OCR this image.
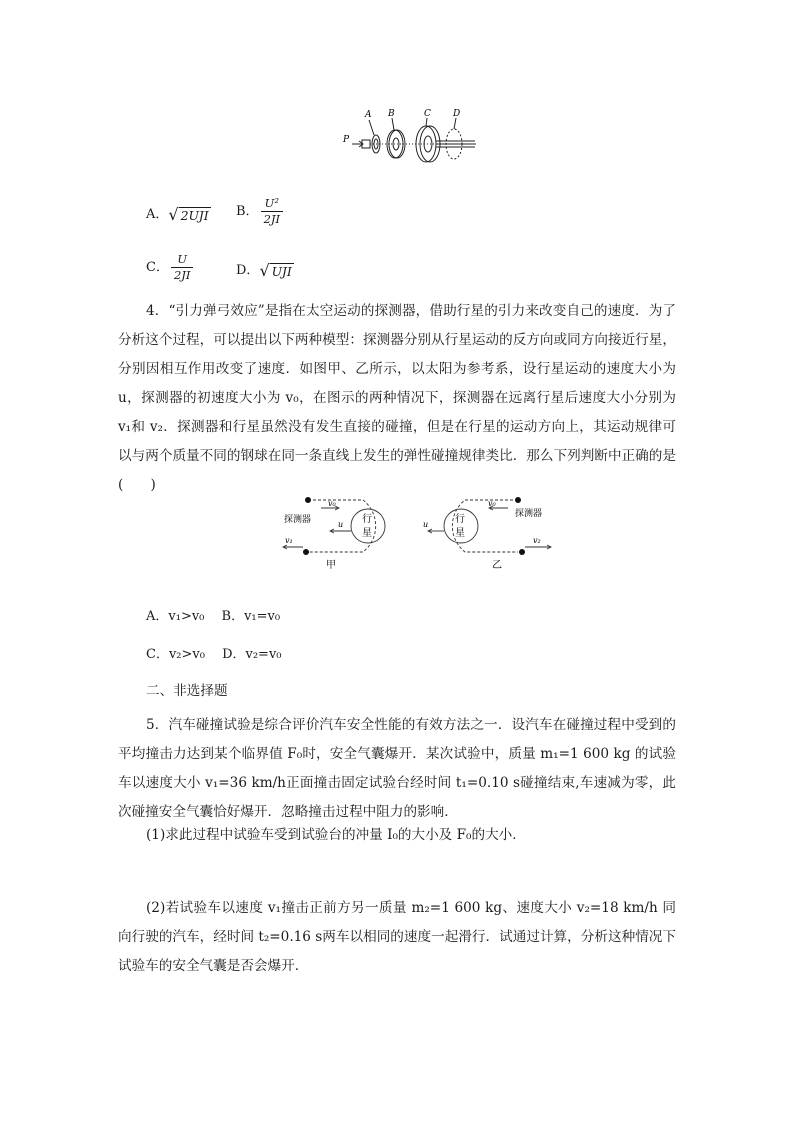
A B	C D
P
A．√ 2UJI B． $\frac{\text{U²}}{2JI}$
C． $\frac{U}{2JI}$	D．√ UJI
4．“引力弹弓效应”是指在太空运动的探测器，借助行星的引力来改变自己的速度．为了分析这个过程，可以提出以下两种模型：探测器分别从行星运动的反方向或同方向接近行星，分别因相互作用改变了速度．如图甲、乙所示，以太阳为参考系，设行星运动的速度大小为 u，探测器的初速度大小为 v₀，在图示的两种情况下，探测器在远离行星后速度大小分别为 v₁和 v₂．探测器和行星虽然没有发生直接的碰撞，但是在行星的运动方向上，其运动规律可以与两个质量不同的钢球在同一条直线上发生的弹性碰撞规律类比．那么下列判断中正确的是(　　)
探测器	行
星
v₀
u
v₁
甲
探测器
行
星
v₀
u
v₂
乙
A．v₁>v₀　 B．v₁=v₀
C．v₂>v₀　 D．v₂=v₀
二、非选择题
5．汽车碰撞试验是综合评价汽车安全性能的有效方法之一．设汽车在碰撞过程中受到的平均撞击力达到某个临界值 F₀时，安全气囊爆开．某次试验中，质量 m₁=1 600 kg 的试验车以速度大小 v₁=36 km/h正面撞击固定试验台经时间 t₁=0.10 s碰撞结束,车速减为零，此次碰撞安全气囊恰好爆开．忽略撞击过程中阻力的影响．
(1)求此过程中试验车受到试验台的冲量 I₀的大小及 F₀的大小．
(2)若试验车以速度 v₁撞击正前方另一质量 m₂=1 600 kg、速度大小 v₂=18 km/h 同向行驶的汽车，经时间 t₂=0.16 s两车以相同的速度一起滑行．试通过计算，分析这种情况下试验车的安全气囊是否会爆开．
